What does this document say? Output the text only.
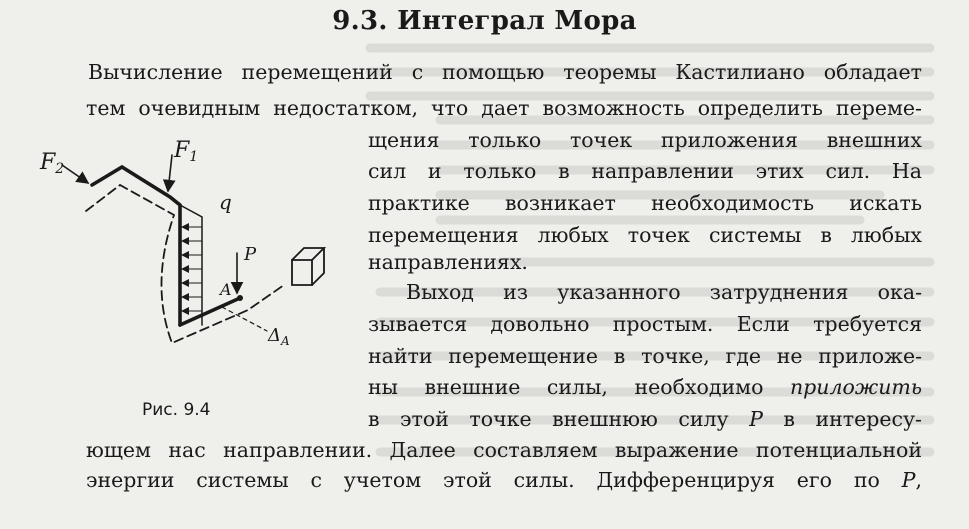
9.3. Интеграл Мора
Вычисление перемещений с помощью теоремы Кастилиано обладает
тем очевидным недостатком, что дает возможность определить переме-
щения только точек приложения внешних
сил и только в направлении этих сил. На
практике возникает необходимость искать
перемещения любых точек системы в любых
направлениях.
Выход из указанного затруднения ока-
зывается довольно простым. Если требуется
найти перемещение в точке, где не приложе-
ны внешние силы, необходимо приложить
в этой точке внешнюю силу P в интересу-
ющем нас направлении. Далее составляем выражение потенциальной
энергии системы с учетом этой силы. Дифференцируя его по P,
F2
F1
q
P
A
$\Delta_A$
Рис. 9.4
